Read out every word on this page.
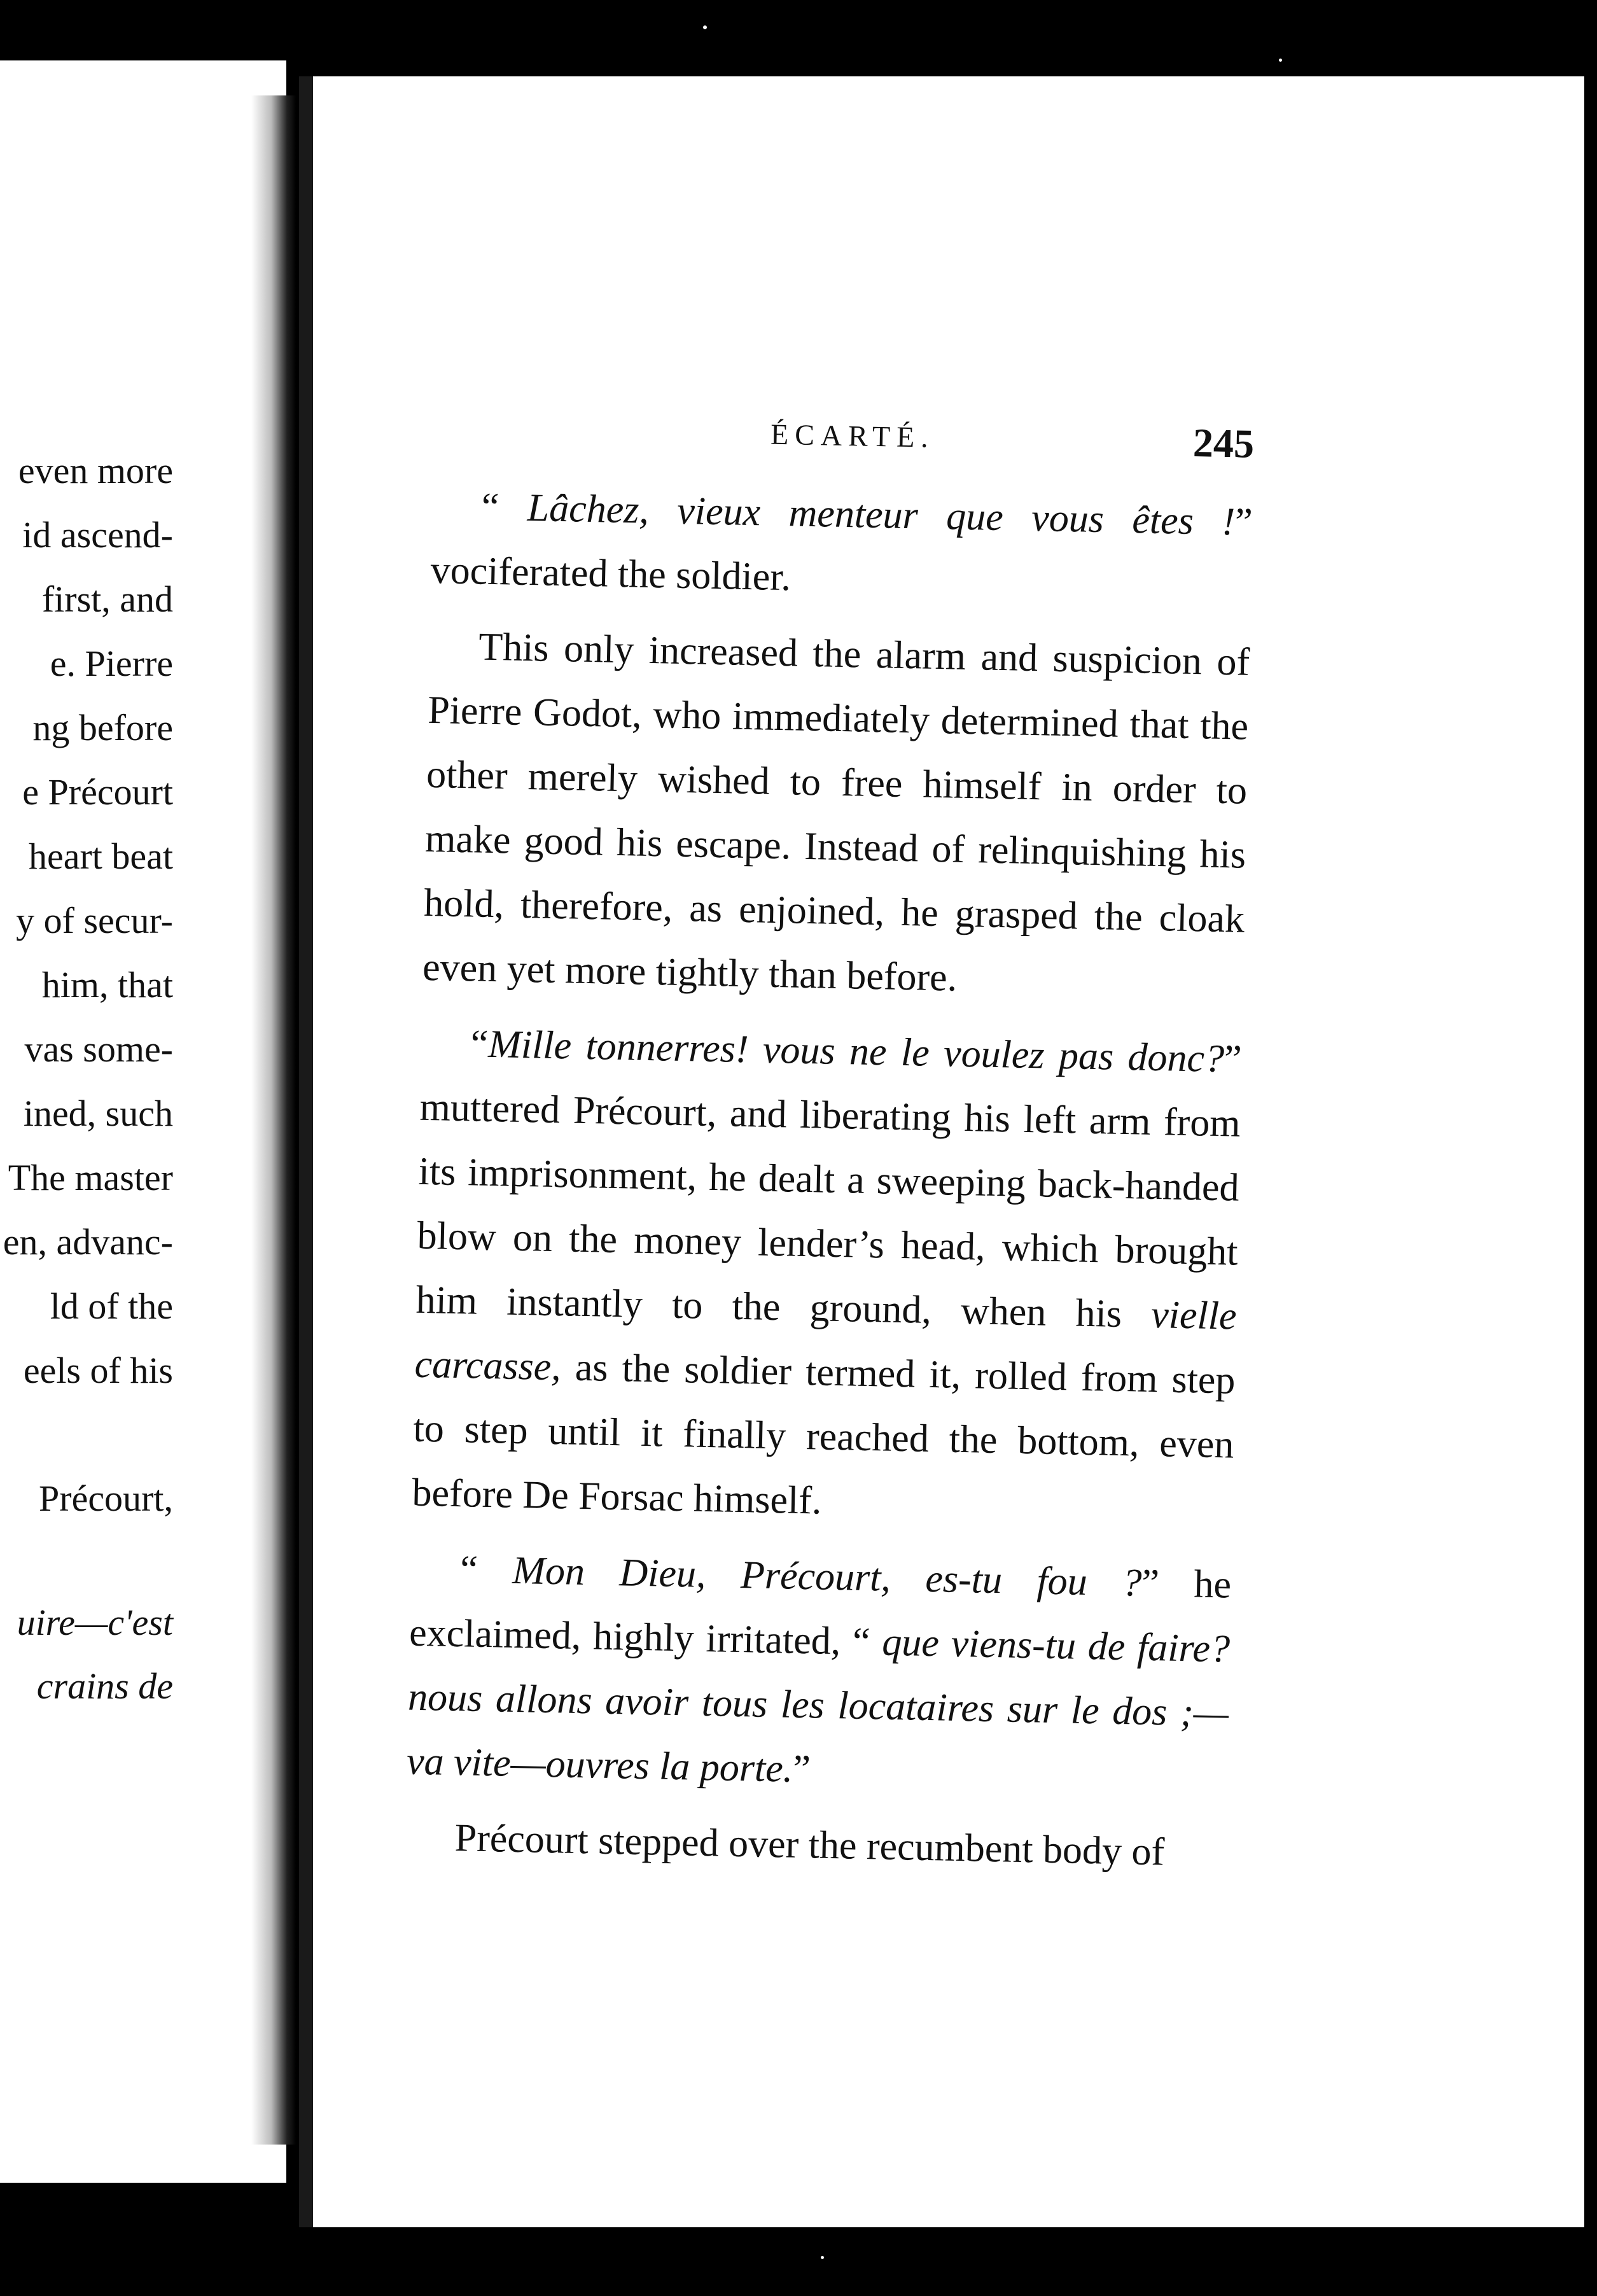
even more
id ascend-
first, and
e. Pierre
ng before
e Précourt
heart beat
y of secur-
him, that
vas some-
ined, such
The master
en, advanc-
ld of the
eels of his
Précourt,
uire—c'est
crains de
ÉCARTÉ.	245

“ Lâchez, vieux menteur que vous êtes !” vociferated the soldier.

This only increased the alarm and suspicion of Pierre Godot, who immediately determined that the other merely wished to free himself in order to make good his escape. Instead of relinquishing his hold, therefore, as enjoined, he grasped the cloak even yet more tightly than before.

“Mille tonnerres! vous ne le voulez pas donc?” muttered Précourt, and liberating his left arm from its imprisonment, he dealt a sweeping back-handed blow on the money lender’s head, which brought him instantly to the ground, when his vielle carcasse, as the soldier termed it, rolled from step to step until it finally reached the bottom, even before De Forsac himself.

“ Mon Dieu, Précourt, es-tu fou ?” he exclaimed, highly irritated, “ que viens-tu de faire? nous allons avoir tous les locataires sur le dos ;—va vite—ouvres la porte.”

Précourt stepped over the recumbent body of
